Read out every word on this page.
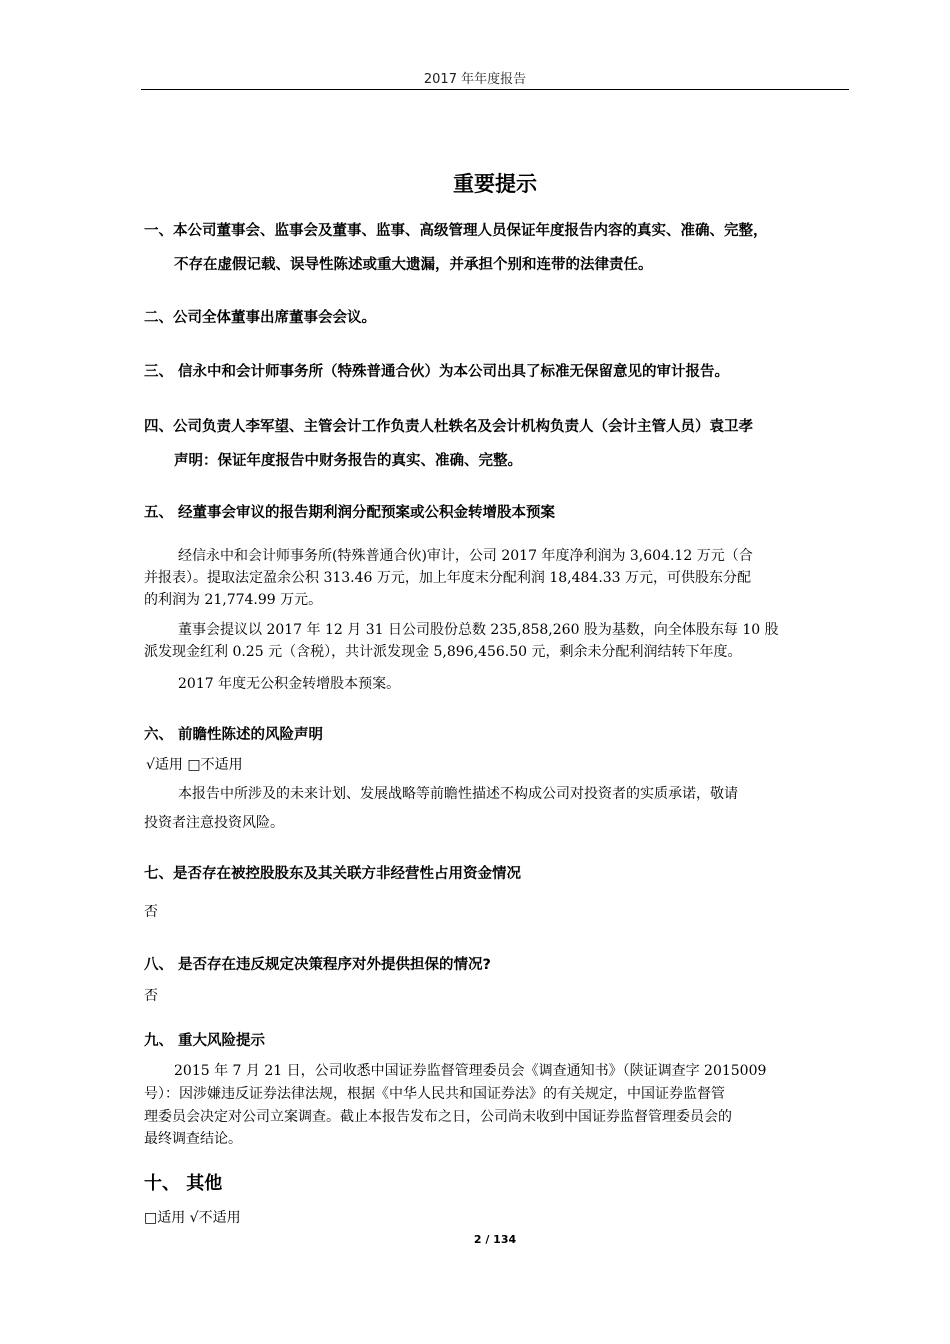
2017 年年度报告
重要提示
一、本公司董事会、监事会及董事、监事、高级管理人员保证年度报告内容的真实、准确、完整，
不存在虚假记载、误导性陈述或重大遗漏，并承担个别和连带的法律责任。
二、公司全体董事出席董事会会议。
三、 信永中和会计师事务所（特殊普通合伙）为本公司出具了标准无保留意见的审计报告。
四、公司负责人李军望、主管会计工作负责人杜轶名及会计机构负责人（会计主管人员）袁卫孝
声明：保证年度报告中财务报告的真实、准确、完整。
五、 经董事会审议的报告期利润分配预案或公积金转增股本预案
经信永中和会计师事务所(特殊普通合伙)审计，公司 2017 年度净利润为 3,604.12 万元（合
并报表）。提取法定盈余公积 313.46 万元，加上年度末分配利润 18,484.33 万元，可供股东分配
的利润为 21,774.99 万元。
董事会提议以 2017 年 12 月 31 日公司股份总数 235,858,260 股为基数，向全体股东每 10 股
派发现金红利 0.25 元（含税），共计派发现金 5,896,456.50 元，剩余未分配利润结转下年度。
2017 年度无公积金转增股本预案。
六、 前瞻性陈述的风险声明
√适用 □不适用
本报告中所涉及的未来计划、发展战略等前瞻性描述不构成公司对投资者的实质承诺，敬请
投资者注意投资风险。
七、是否存在被控股股东及其关联方非经营性占用资金情况
否
八、 是否存在违反规定决策程序对外提供担保的情况?
否
九、 重大风险提示
2015 年 7 月 21 日，公司收悉中国证券监督管理委员会《调查通知书》（陕证调查字 2015009
号）：因涉嫌违反证券法律法规，根据《中华人民共和国证券法》的有关规定，中国证券监督管
理委员会决定对公司立案调查。截止本报告发布之日，公司尚未收到中国证券监督管理委员会的
最终调查结论。
十、 其他
□适用 √不适用
2 / 134
